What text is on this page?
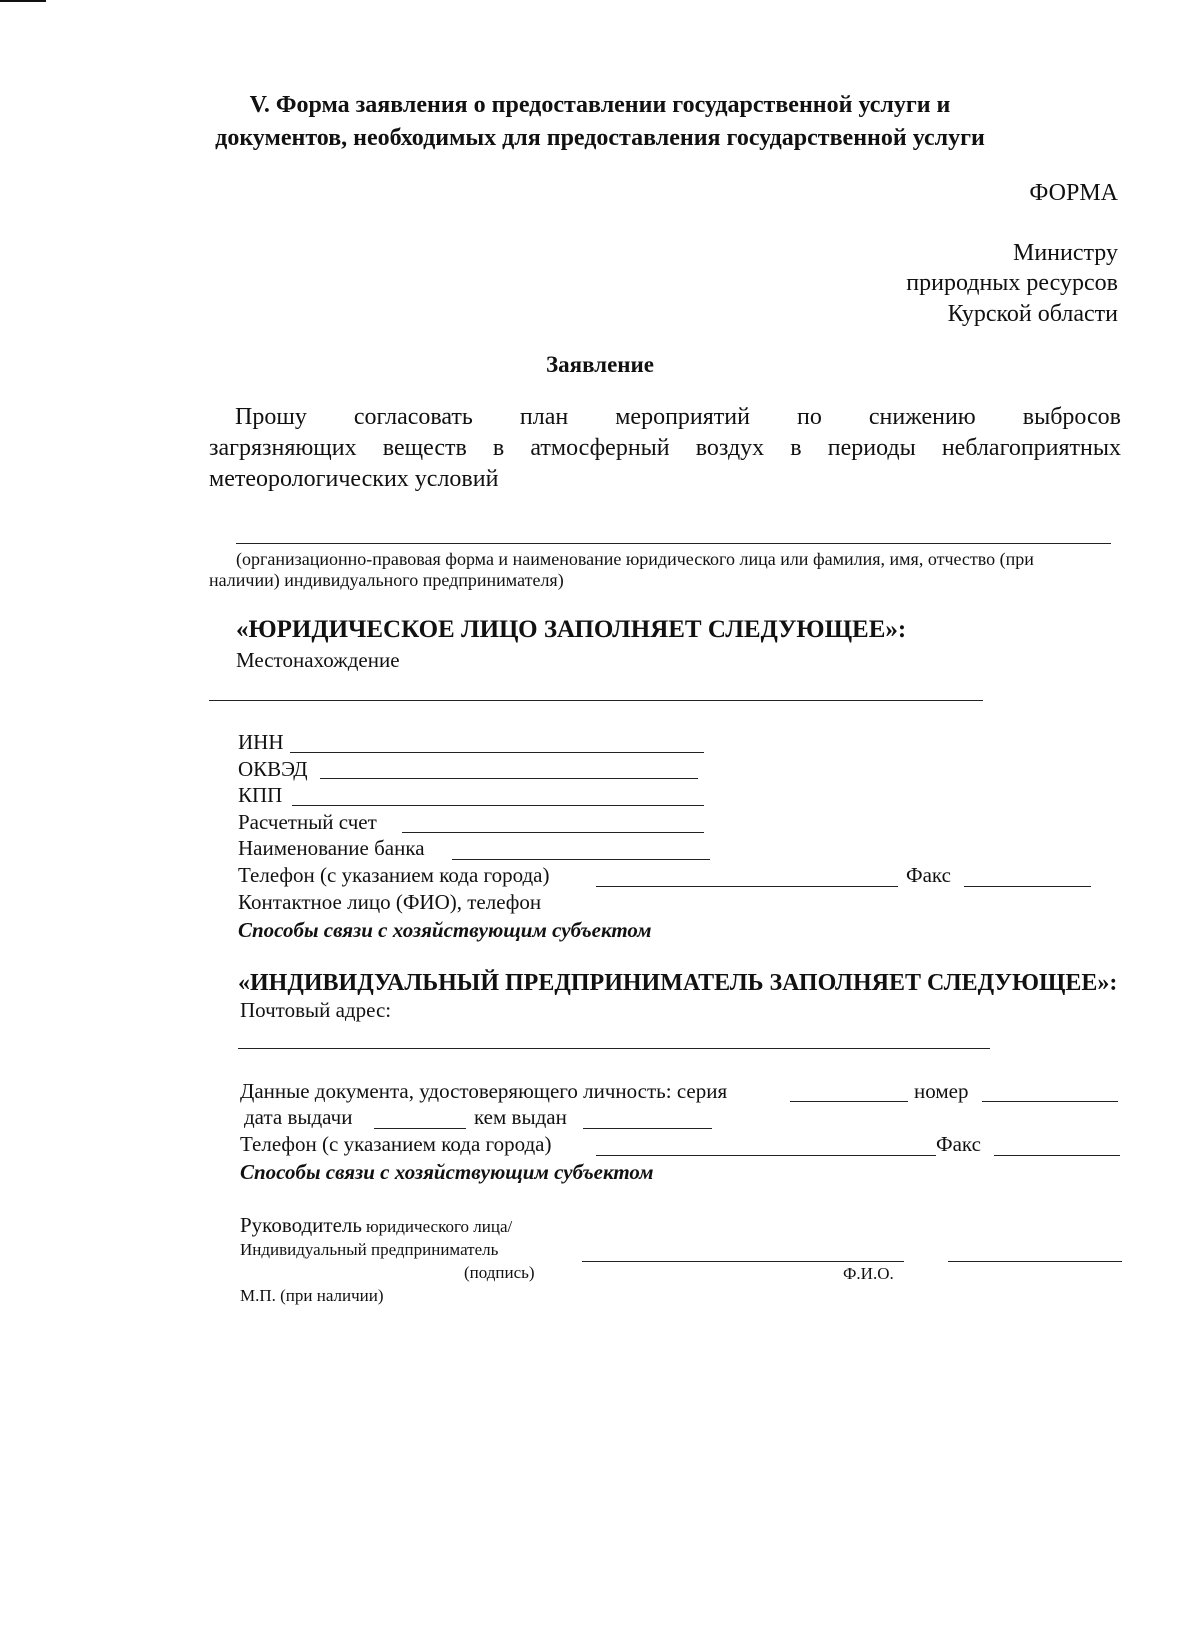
V. Форма заявления о предоставлении государственной услуги и
документов, необходимых для предоставления государственной услуги
ФОРМА
Министру
природных ресурсов
Курской области
Заявление
Прошу согласовать план мероприятий по снижению выбросов
загрязняющих веществ в атмосферный воздух в периоды неблагоприятных
метеорологических условий
(организационно-правовая форма и наименование юридического лица или фамилия, имя, отчество (при
наличии) индивидуального предпринимателя)
«ЮРИДИЧЕСКОЕ ЛИЦО ЗАПОЛНЯЕТ СЛЕДУЮЩЕЕ»:
Местонахождение
ИНН
ОКВЭД
КПП
Расчетный счет
Наименование банка
Телефон (с указанием кода города)	Факс
Контактное лицо (ФИО), телефон
Способы связи с хозяйствующим субъектом
«ИНДИВИДУАЛЬНЫЙ ПРЕДПРИНИМАТЕЛЬ ЗАПОЛНЯЕТ СЛЕДУЮЩЕЕ»:
Почтовый адрес:
Данные документа, удостоверяющего личность: серия	номер
дата выдачи	кем выдан
Телефон (с указанием кода города)	Факс
Способы связи с хозяйствующим субъектом
Руководитель юридического лица/
Индивидуальный предприниматель
(подпись)	Ф.И.О.
М.П. (при наличии)
